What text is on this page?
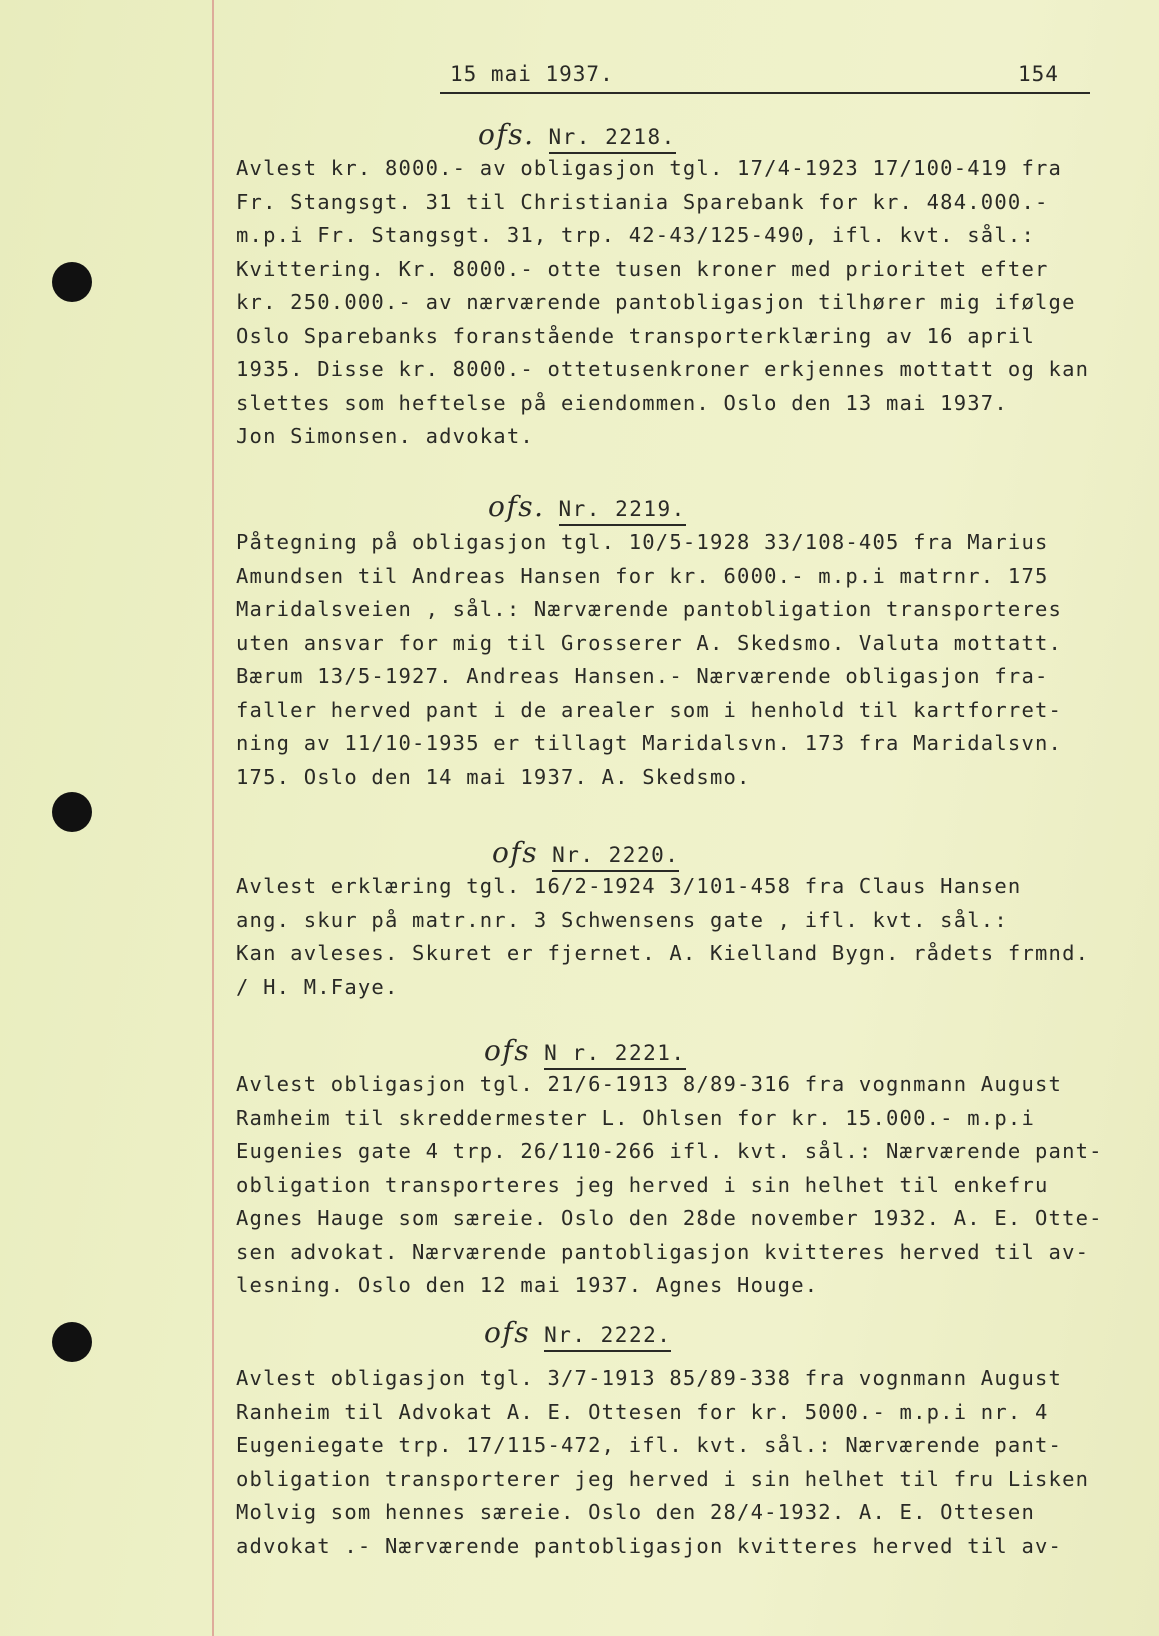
15 mai 1937.	154
ofs. Nr. 2218.
Avlest kr. 8000.- av obligasjon tgl. 17/4-1923 17/100-419 fra
Fr. Stangsgt. 31 til Christiania Sparebank for kr. 484.000.-
m.p.i Fr. Stangsgt. 31, trp. 42-43/125-490, ifl. kvt. sål.:
Kvittering. Kr. 8000.- otte tusen kroner med prioritet efter
kr. 250.000.- av nærværende pantobligasjon tilhører mig ifølge
Oslo Sparebanks foranstående transporterklæring av 16 april
1935. Disse kr. 8000.- ottetusenkroner erkjennes mottatt og kan
slettes som heftelse på eiendommen. Oslo den 13 mai 1937.
Jon Simonsen. advokat.
ofs. Nr. 2219.
Påtegning på obligasjon tgl. 10/5-1928 33/108-405 fra Marius
Amundsen til Andreas Hansen for kr. 6000.- m.p.i matrnr. 175
Maridalsveien , sål.: Nærværende pantobligation transporteres
uten ansvar for mig til Grosserer A. Skedsmo. Valuta mottatt.
Bærum 13/5-1927. Andreas Hansen.- Nærværende obligasjon fra-
faller herved pant i de arealer som i henhold til kartforret-
ning av 11/10-1935 er tillagt Maridalsvn. 173 fra Maridalsvn.
175. Oslo den 14 mai 1937. A. Skedsmo.
ofs Nr. 2220.
Avlest erklæring tgl. 16/2-1924 3/101-458 fra Claus Hansen
ang. skur på matr.nr. 3 Schwensens gate , ifl. kvt. sål.:
Kan avleses. Skuret er fjernet. A. Kielland Bygn. rådets frmnd.
/ H. M.Faye.
ofs N r. 2221.
Avlest obligasjon tgl. 21/6-1913 8/89-316 fra vognmann August
Ramheim til skreddermester L. Ohlsen for kr. 15.000.- m.p.i
Eugenies gate 4 trp. 26/110-266 ifl. kvt. sål.: Nærværende pant-
obligation transporteres jeg herved i sin helhet til enkefru
Agnes Hauge som særeie. Oslo den 28de november 1932. A. E. Otte-
sen advokat. Nærværende pantobligasjon kvitteres herved til av-
lesning. Oslo den 12 mai 1937. Agnes Houge.
ofs Nr. 2222.
Avlest obligasjon tgl. 3/7-1913 85/89-338 fra vognmann August
Ranheim til Advokat A. E. Ottesen for kr. 5000.- m.p.i nr. 4
Eugeniegate trp. 17/115-472, ifl. kvt. sål.: Nærværende pant-
obligation transporterer jeg herved i sin helhet til fru Lisken
Molvig som hennes særeie. Oslo den 28/4-1932. A. E. Ottesen
advokat .- Nærværende pantobligasjon kvitteres herved til av-
